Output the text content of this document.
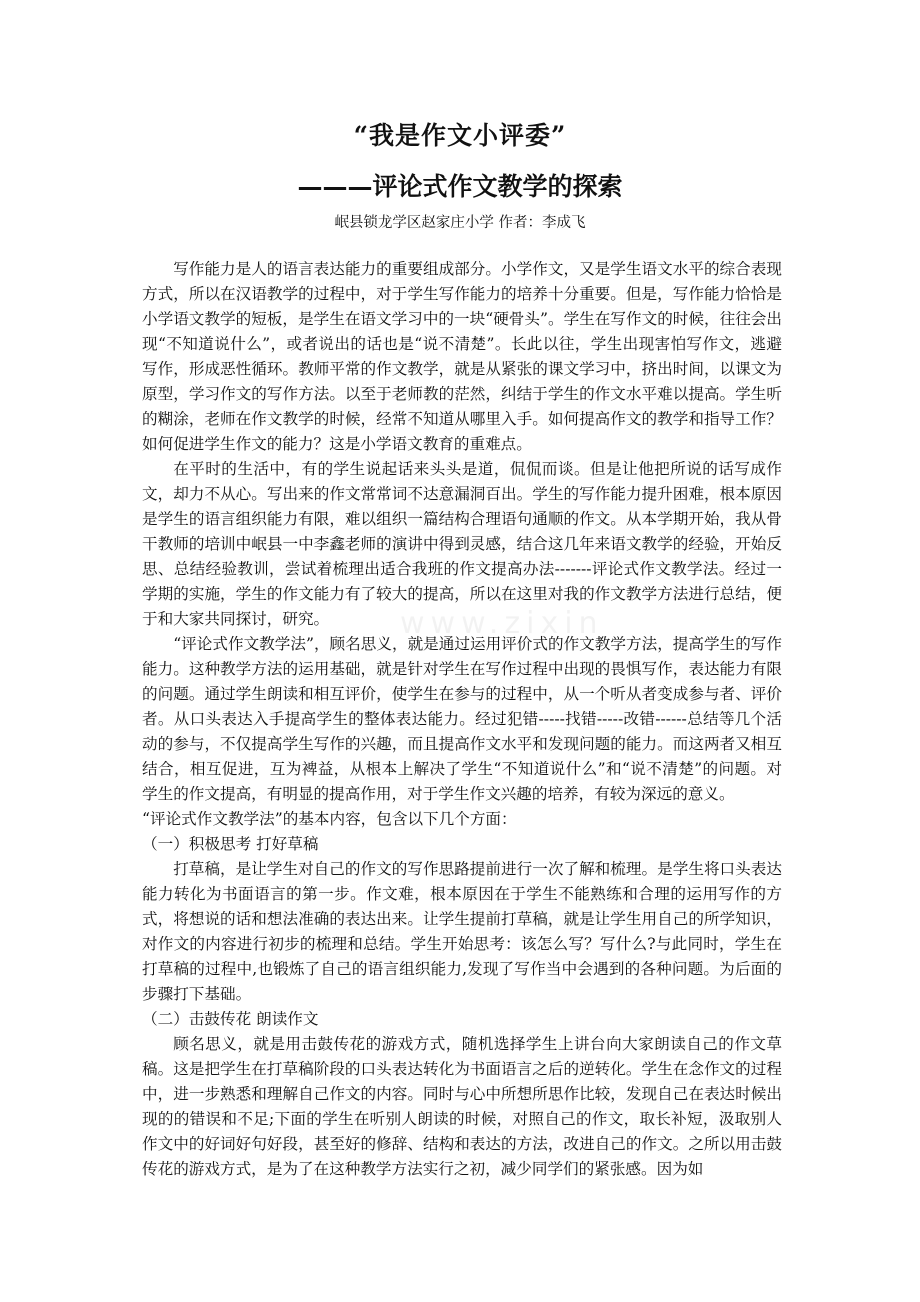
“我是作文小评委”
———评论式作文教学的探索
岷县锁龙学区赵家庄小学 作者：李成飞
www.zixin

写作能力是人的语言表达能力的重要组成部分。小学作文，又是学生语文水平的综合表现方式，所以在汉语教学的过程中，对于学生写作能力的培养十分重要。但是，写作能力恰恰是小学语文教学的短板，是学生在语文学习中的一块“硬骨头”。学生在写作文的时候，往往会出现“不知道说什么”，或者说出的话也是“说不清楚”。长此以往，学生出现害怕写作文，逃避写作，形成恶性循环。教师平常的作文教学，就是从紧张的课文学习中，挤出时间，以课文为原型，学习作文的写作方法。以至于老师教的茫然，纠结于学生的作文水平难以提高。学生听的糊涂，老师在作文教学的时候，经常不知道从哪里入手。如何提高作文的教学和指导工作？如何促进学生作文的能力？这是小学语文教育的重难点。

在平时的生活中，有的学生说起话来头头是道，侃侃而谈。但是让他把所说的话写成作文，却力不从心。写出来的作文常常词不达意漏洞百出。学生的写作能力提升困难，根本原因是学生的语言组织能力有限，难以组织一篇结构合理语句通顺的作文。从本学期开始，我从骨干教师的培训中岷县一中李鑫老师的演讲中得到灵感，结合这几年来语文教学的经验，开始反思、总结经验教训，尝试着梳理出适合我班的作文提高办法-------评论式作文教学法。经过一学期的实施，学生的作文能力有了较大的提高，所以在这里对我的作文教学方法进行总结，便于和大家共同探讨，研究。

“评论式作文教学法”，顾名思义，就是通过运用评价式的作文教学方法，提高学生的写作能力。这种教学方法的运用基础，就是针对学生在写作过程中出现的畏惧写作，表达能力有限的问题。通过学生朗读和相互评价，使学生在参与的过程中，从一个听从者变成参与者、评价者。从口头表达入手提高学生的整体表达能力。经过犯错-----找错-----改错------总结等几个活动的参与，不仅提高学生写作的兴趣，而且提高作文水平和发现问题的能力。而这两者又相互结合，相互促进，互为裨益，从根本上解决了学生“不知道说什么”和“说不清楚”的问题。对学生的作文提高，有明显的提高作用，对于学生作文兴趣的培养，有较为深远的意义。

“评论式作文教学法”的基本内容，包含以下几个方面：

（一）积极思考 打好草稿

打草稿，是让学生对自己的作文的写作思路提前进行一次了解和梳理。是学生将口头表达能力转化为书面语言的第一步。作文难，根本原因在于学生不能熟练和合理的运用写作的方式，将想说的话和想法准确的表达出来。让学生提前打草稿，就是让学生用自己的所学知识，对作文的内容进行初步的梳理和总结。学生开始思考：该怎么写？写什么?与此同时，学生在打草稿的过程中,也锻炼了自己的语言组织能力,发现了写作当中会遇到的各种问题。为后面的步骤打下基础。

（二）击鼓传花 朗读作文

顾名思义，就是用击鼓传花的游戏方式，随机选择学生上讲台向大家朗读自己的作文草稿。这是把学生在打草稿阶段的口头表达转化为书面语言之后的逆转化。学生在念作文的过程中，进一步熟悉和理解自己作文的内容。同时与心中所想所思作比较，发现自己在表达时候出现的的错误和不足;下面的学生在听别人朗读的时候，对照自己的作文，取长补短，汲取别人作文中的好词好句好段，甚至好的修辞、结构和表达的方法，改进自己的作文。之所以用击鼓传花的游戏方式，是为了在这种教学方法实行之初，减少同学们的紧张感。因为如
